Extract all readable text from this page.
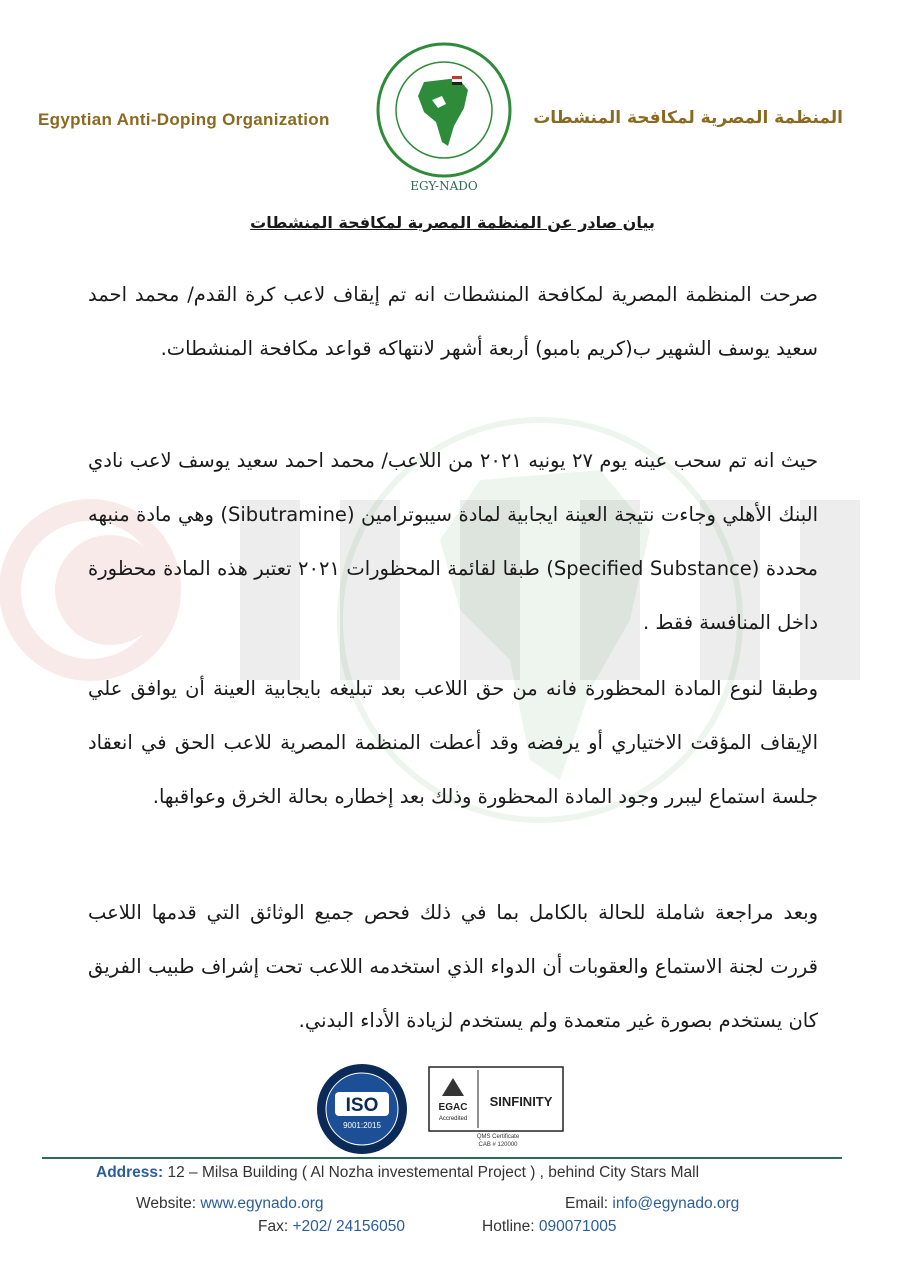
Egyptian Anti-Doping Organization	المنظمة المصرية لمكافحة المنشطات
EGY-NADO
بيان صادر عن المنظمة المصرية لمكافحة المنشطات
صرحت المنظمة المصرية لمكافحة المنشطات انه تم إيقاف لاعب كرة القدم/ محمد احمد سعيد يوسف الشهير ب(كريم بامبو) أربعة أشهر لانتهاكه قواعد مكافحة المنشطات.
حيث انه تم سحب عينه يوم ٢٧ يونيه ٢٠٢١ من اللاعب/ محمد احمد سعيد يوسف لاعب نادي البنك الأهلي وجاءت نتيجة العينة ايجابية لمادة سيبوترامين (Sibutramine) وهي مادة منبهه محددة (Specified Substance) طبقا لقائمة المحظورات ٢٠٢١ تعتبر هذه المادة محظورة داخل المنافسة فقط .
وطبقا لنوع المادة المحظورة فانه من حق اللاعب بعد تبليغه بايجابية العينة أن يوافق علي الإيقاف المؤقت الاختياري أو يرفضه وقد أعطت المنظمة المصرية للاعب الحق في انعقاد جلسة استماع ليبرر وجود المادة المحظورة وذلك بعد إخطاره بحالة الخرق وعواقبها.
وبعد مراجعة شاملة للحالة بالكامل بما في ذلك فحص جميع الوثائق التي قدمها اللاعب قررت لجنة الاستماع والعقوبات أن الدواء الذي استخدمه اللاعب تحت إشراف طبيب الفريق كان يستخدم بصورة غير متعمدة ولم يستخدم لزيادة الأداء البدني.
ISO
9001:2015
EGAC
Accredited
SINFINITY
QMS Certificate
CAB # 120000
Address: 12 – Milsa Building ( Al Nozha investemental Project ) , behind City Stars Mall
Website: www.egynado.org	Email: info@egynado.org
Fax: +202/ 24156050	Hotline: 090071005
